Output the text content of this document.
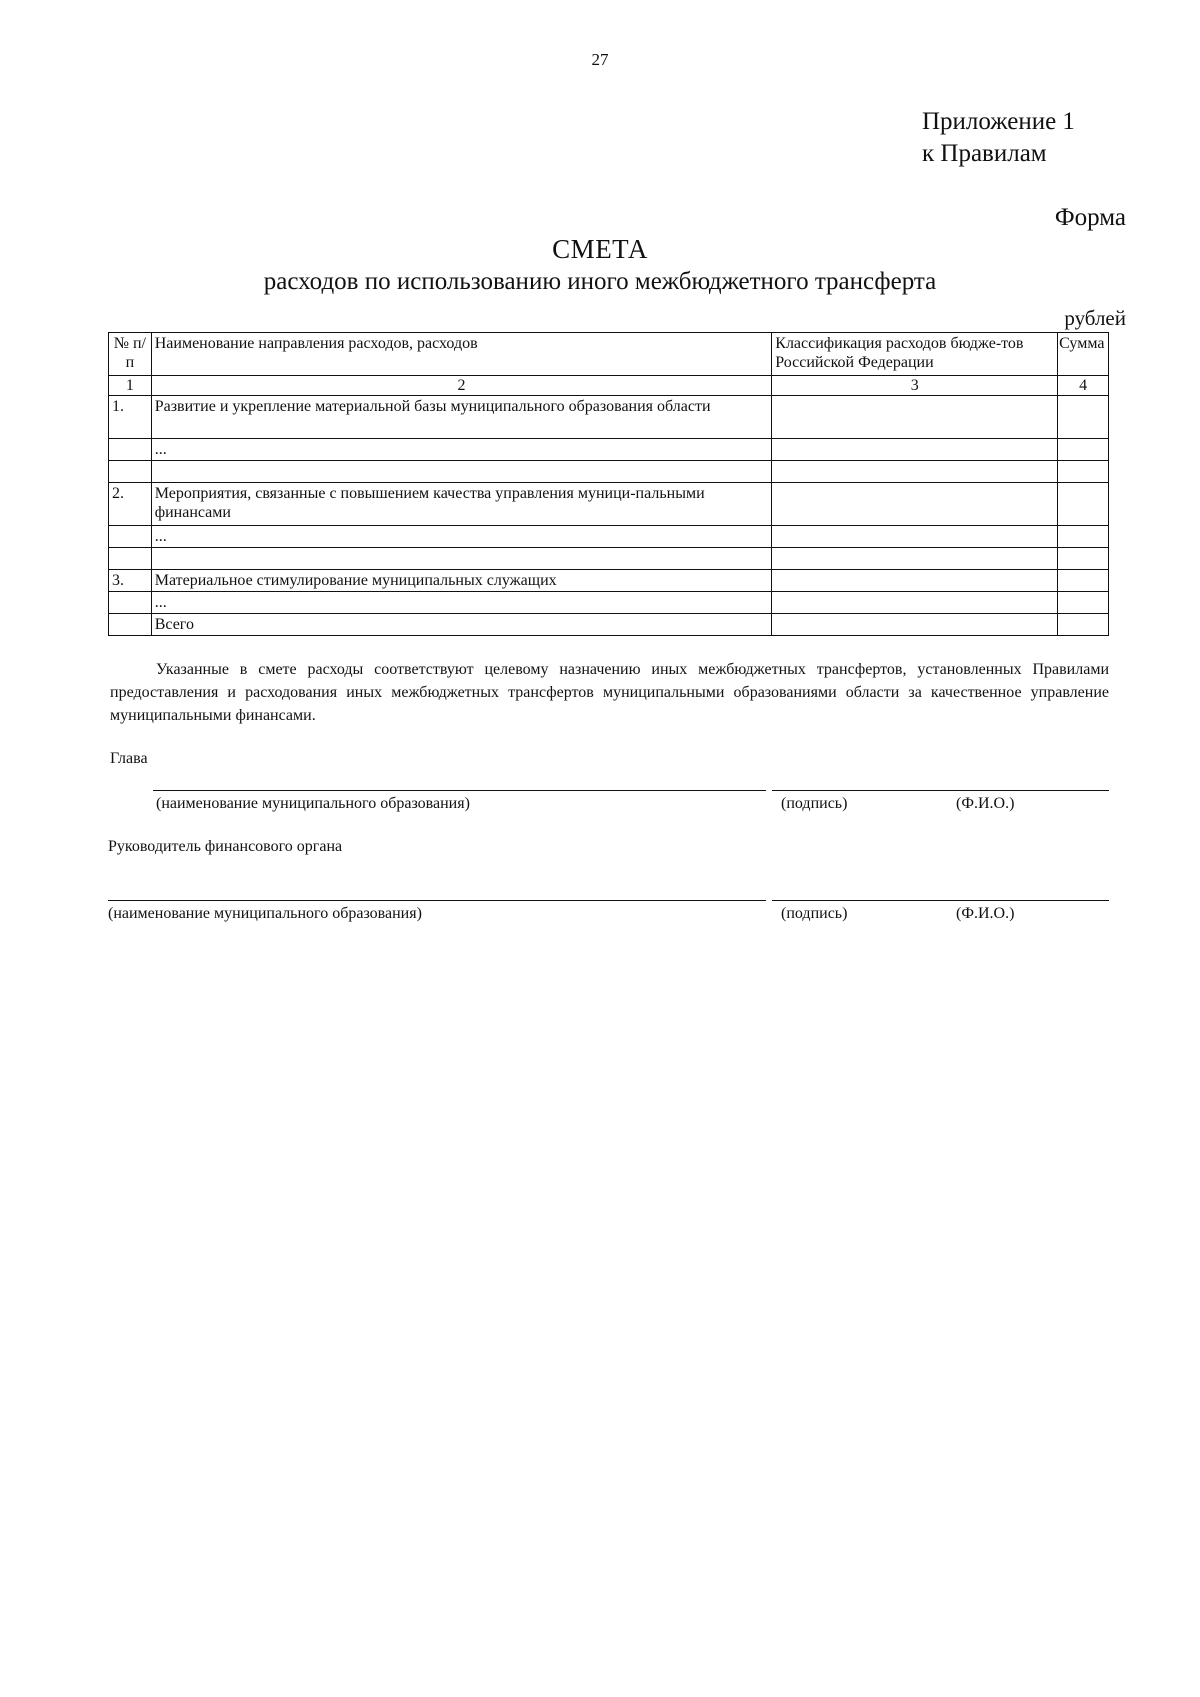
27
Приложение 1
к Правилам
Форма
СМЕТА
расходов по использованию иного межбюджетного трансферта
рублей
№ п/п	Наименование направления расходов, расходов	Классификация расходов бюдже-тов Российской Федерации	Сумма
1	2	3	4
1.	Развитие и укрепление материальной базы муниципального образования области		
	...		

2.	Мероприятия, связанные с повышением качества управления муници-пальными финансами		
	...		

3.	Материальное стимулирование муниципальных служащих		
	...		
	Всего		
Указанные в смете расходы соответствуют целевому назначению иных межбюджетных трансфертов, установленных Правилами предоставления и расходования иных межбюджетных трансфертов муниципальными образованиями области за качественное управление муниципальными финансами.
Глава
(наименование муниципального образования)	(подпись)	(Ф.И.О.)
Руководитель финансового органа
(наименование муниципального образования)	(подпись)	(Ф.И.О.)
